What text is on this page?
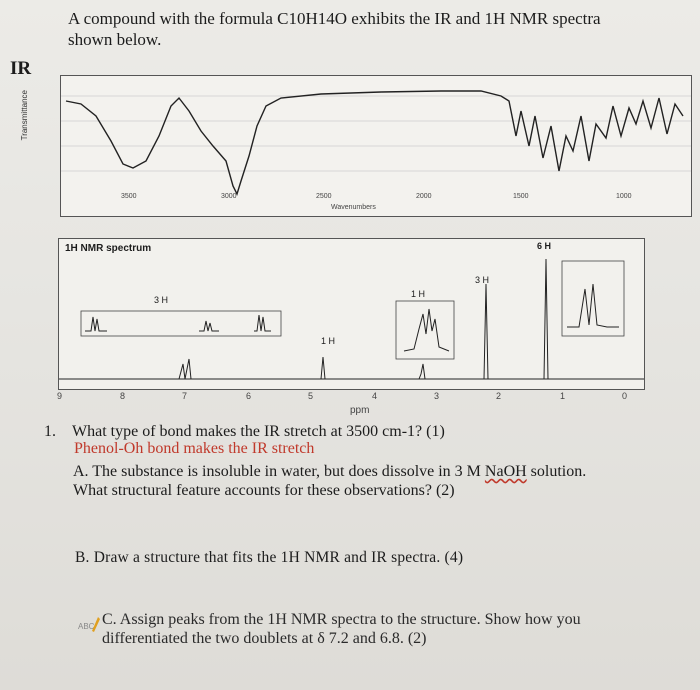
A compound with the formula C10H14O exhibits the IR and 1H NMR spectra
shown below.
IR
Transmittance
Wavenumbers
3500	3000	2500	2000	1500	1000
1H NMR spectrum
3 H
1 H
1 H
3 H
6 H
9	8	7	6	5	4	3	2	1	0
ppm
1. What type of bond makes the IR stretch at 3500 cm-1? (1)
Phenol-Oh bond makes the IR stretch
A. The substance is insoluble in water, but does dissolve in 3 M NaOH solution.
What structural feature accounts for these observations? (2)
B. Draw a structure that fits the 1H NMR and IR spectra. (4)
ABC C. Assign peaks from the 1H NMR spectra to the structure. Show how you
differentiated the two doublets at δ 7.2 and 6.8. (2)
